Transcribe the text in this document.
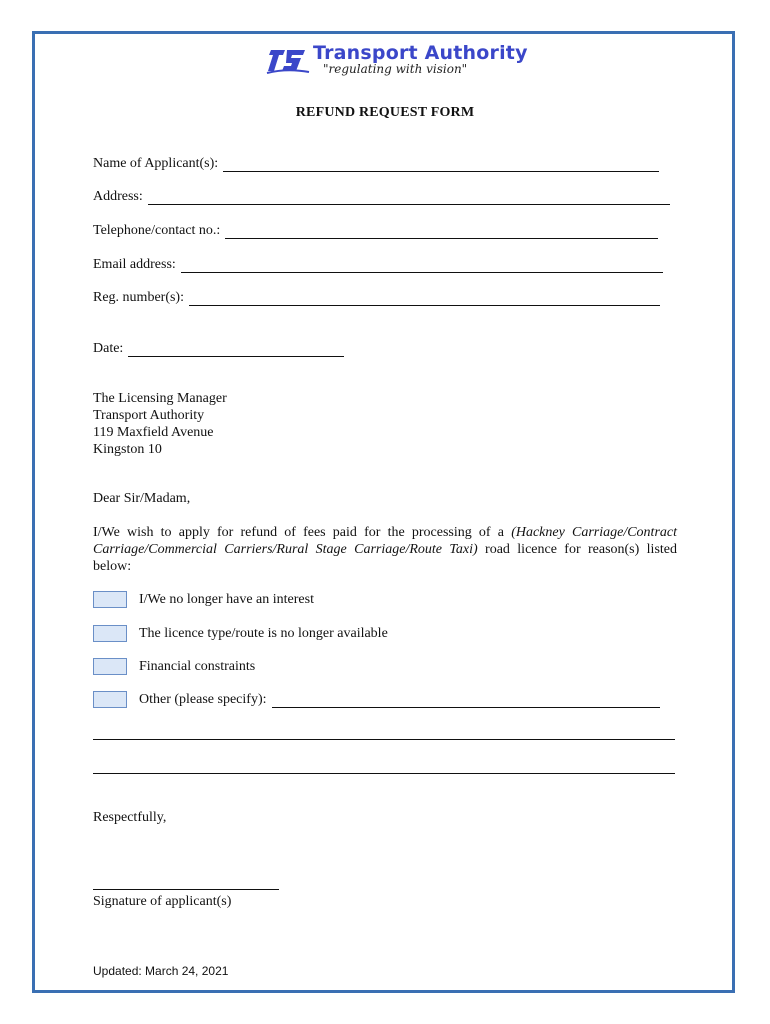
Transport Authority
"regulating with vision"
REFUND REQUEST FORM
Name of Applicant(s):
Address:
Telephone/contact no.:
Email address:
Reg. number(s):
Date:
The Licensing Manager
Transport Authority
119 Maxfield Avenue
Kingston 10
Dear Sir/Madam,
I/We wish to apply for refund of fees paid for the processing of a (Hackney Carriage/Contract Carriage/Commercial Carriers/Rural Stage Carriage/Route Taxi) road licence for reason(s) listed below:
I/We no longer have an interest
The licence type/route is no longer available
Financial constraints
Other (please specify):
Respectfully,
Signature of applicant(s)
Updated: March 24, 2021
